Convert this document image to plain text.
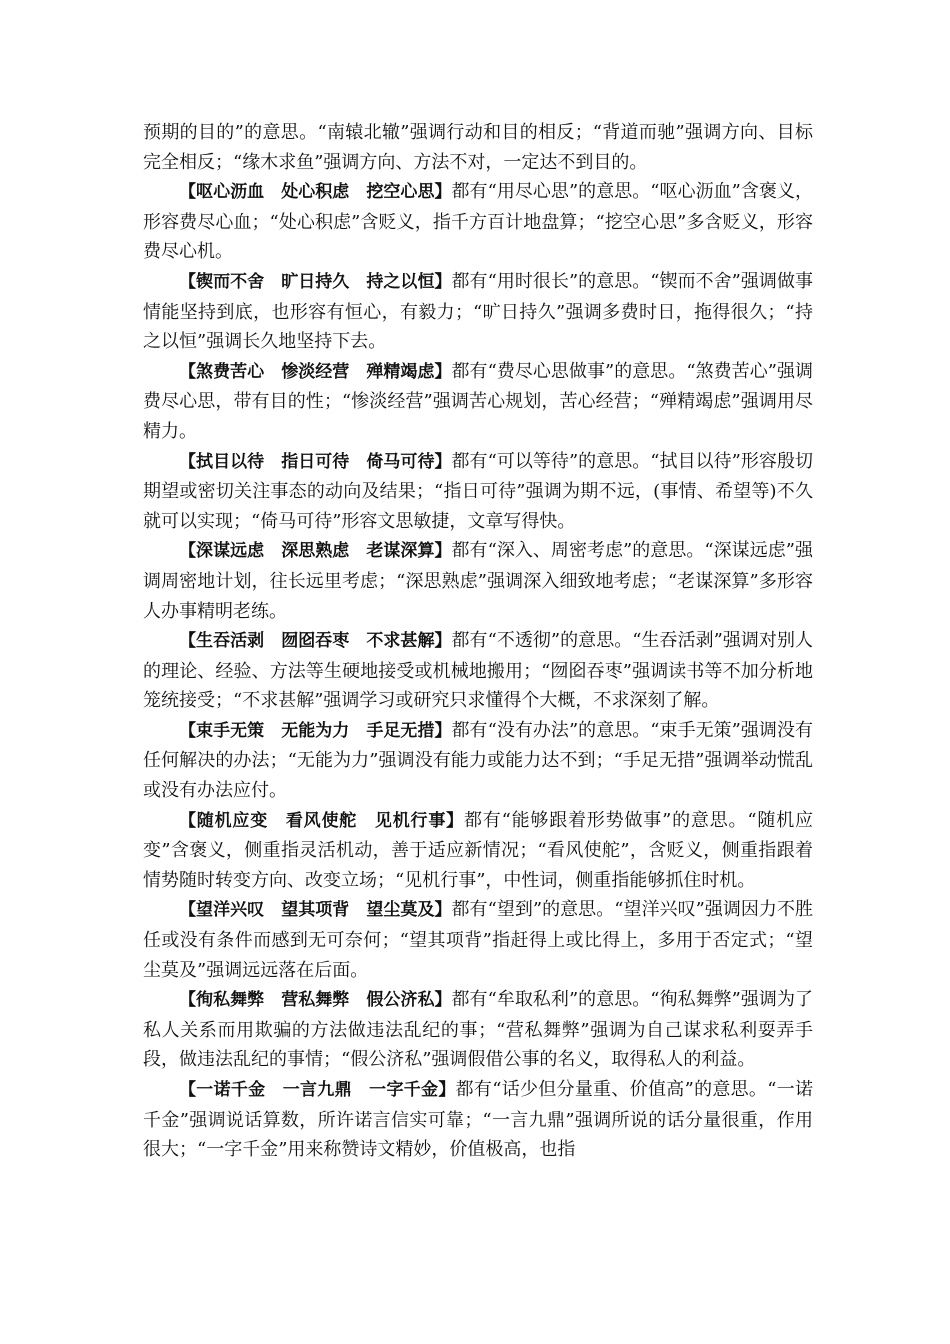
预期的目的”的意思。“南辕北辙”强调行动和目的相反；“背道而驰”强调方向、目标完全相反；“缘木求鱼”强调方向、方法不对，一定达不到目的。

【呕心沥血　处心积虑　挖空心思】都有“用尽心思”的意思。“呕心沥血”含褒义，形容费尽心血；“处心积虑”含贬义，指千方百计地盘算；“挖空心思”多含贬义，形容费尽心机。

【锲而不舍　旷日持久　持之以恒】都有“用时很长”的意思。“锲而不舍”强调做事情能坚持到底，也形容有恒心，有毅力；“旷日持久”强调多费时日，拖得很久；“持之以恒”强调长久地坚持下去。

【煞费苦心　惨淡经营　殚精竭虑】都有“费尽心思做事”的意思。“煞费苦心”强调费尽心思，带有目的性；“惨淡经营”强调苦心规划，苦心经营；“殚精竭虑”强调用尽精力。

【拭目以待　指日可待　倚马可待】都有“可以等待”的意思。“拭目以待”形容殷切期望或密切关注事态的动向及结果；“指日可待”强调为期不远，(事情、希望等)不久就可以实现；“倚马可待”形容文思敏捷，文章写得快。

【深谋远虑　深思熟虑　老谋深算】都有“深入、周密考虑”的意思。“深谋远虑”强调周密地计划，往长远里考虑；“深思熟虑”强调深入细致地考虑；“老谋深算”多形容人办事精明老练。

【生吞活剥　囫囵吞枣　不求甚解】都有“不透彻”的意思。“生吞活剥”强调对别人的理论、经验、方法等生硬地接受或机械地搬用；“囫囵吞枣”强调读书等不加分析地笼统接受；“不求甚解”强调学习或研究只求懂得个大概，不求深刻了解。

【束手无策　无能为力　手足无措】都有“没有办法”的意思。“束手无策”强调没有任何解决的办法；“无能为力”强调没有能力或能力达不到；“手足无措”强调举动慌乱或没有办法应付。

【随机应变　看风使舵　见机行事】都有“能够跟着形势做事”的意思。“随机应变”含褒义，侧重指灵活机动，善于适应新情况；“看风使舵”，含贬义，侧重指跟着情势随时转变方向、改变立场；“见机行事”，中性词，侧重指能够抓住时机。

【望洋兴叹　望其项背　望尘莫及】都有“望到”的意思。“望洋兴叹”强调因力不胜任或没有条件而感到无可奈何；“望其项背”指赶得上或比得上，多用于否定式；“望尘莫及”强调远远落在后面。

【徇私舞弊　营私舞弊　假公济私】都有“牟取私利”的意思。“徇私舞弊”强调为了私人关系而用欺骗的方法做违法乱纪的事；“营私舞弊”强调为自己谋求私利耍弄手段，做违法乱纪的事情；“假公济私”强调假借公事的名义，取得私人的利益。

【一诺千金　一言九鼎　一字千金】都有“话少但分量重、价值高”的意思。“一诺千金”强调说话算数，所许诺言信实可靠；“一言九鼎”强调所说的话分量很重，作用很大；“一字千金”用来称赞诗文精妙，价值极高，也指
